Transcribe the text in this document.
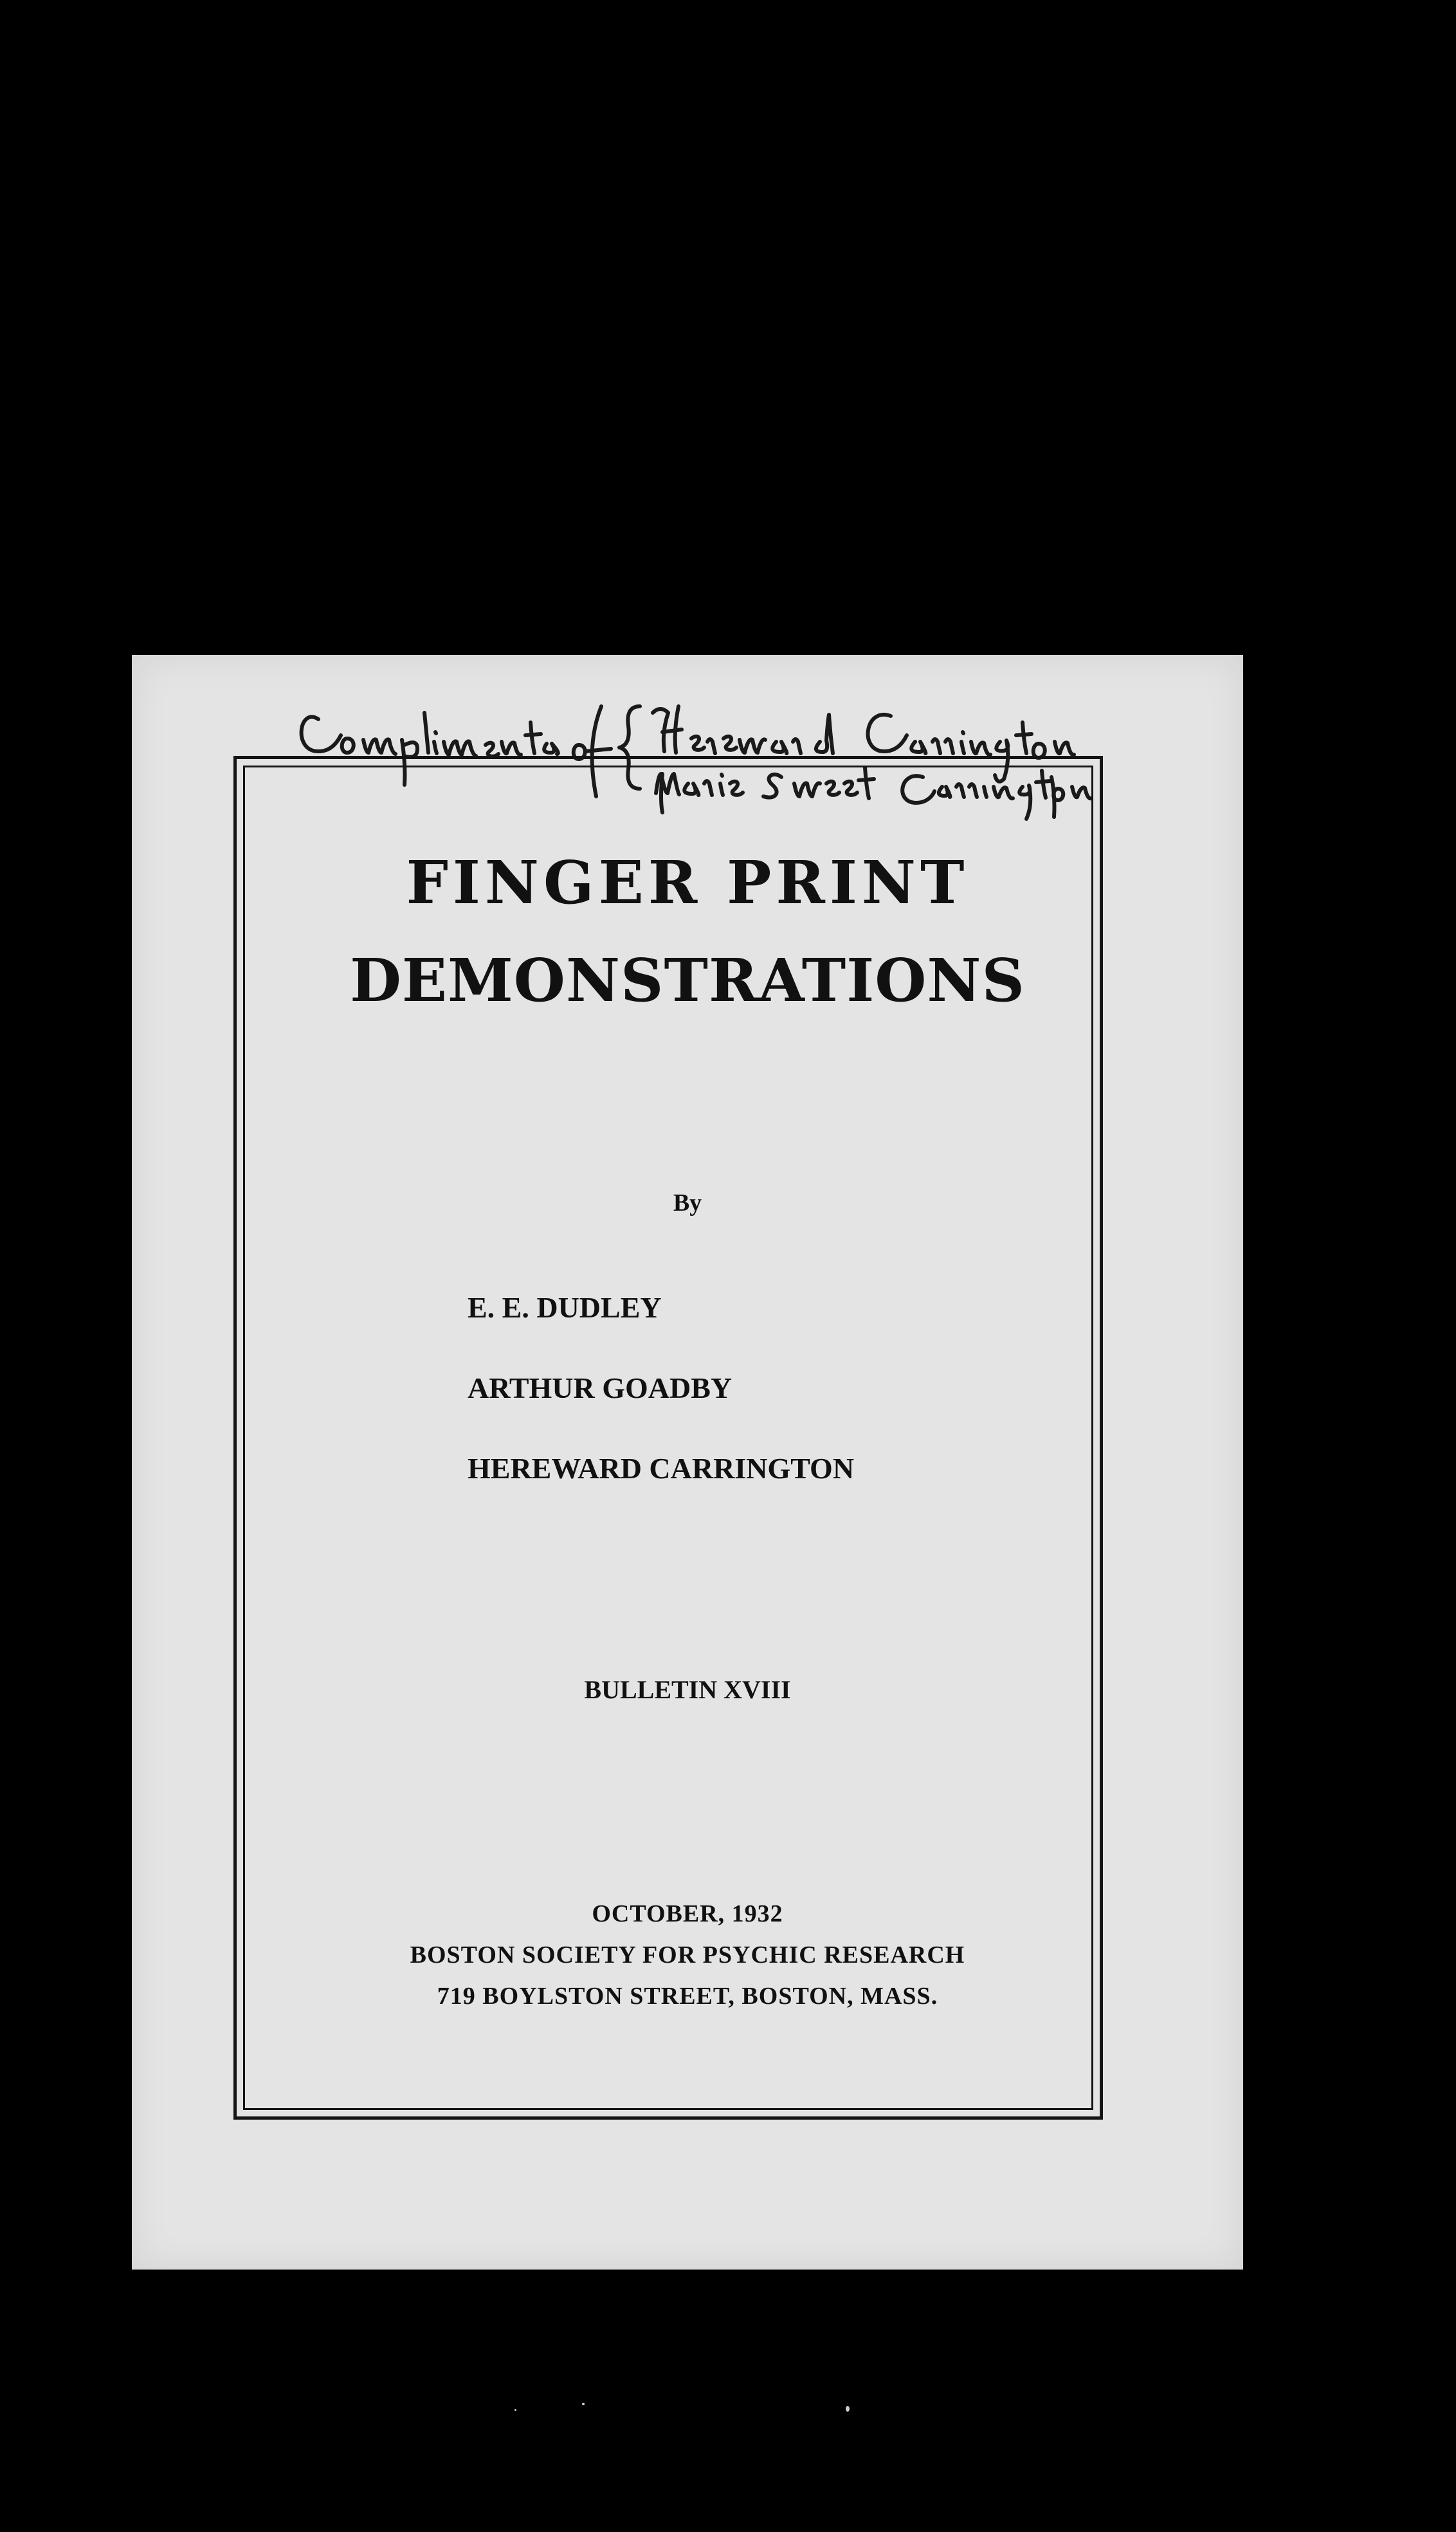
FINGER PRINT
DEMONSTRATIONS
By
E. E. DUDLEY
ARTHUR GOADBY
HEREWARD CARRINGTON
BULLETIN XVIII
OCTOBER, 1932
BOSTON SOCIETY FOR PSYCHIC RESEARCH
719 BOYLSTON STREET, BOSTON, MASS.
